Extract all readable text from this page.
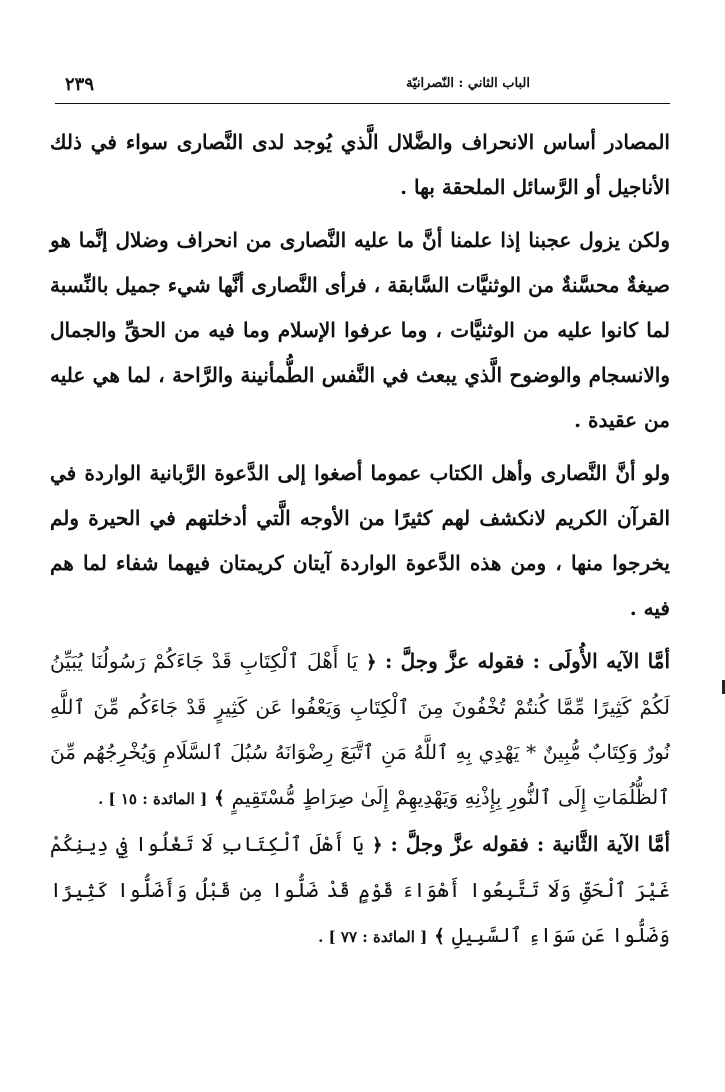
الباب الثاني : النّصرانيّة
٢٣٩

المصادر أساس الانحراف والضَّلال الَّذي يُوجد لدى النَّصارى سواء في ذلك الأناجيل أو الرَّسائل الملحقة بها .

ولكن يزول عجبنا إذا علمنا أنَّ ما عليه النَّصارى من انحراف وضلال إنَّما هو صيغةٌ محسَّنةٌ من الوثنيَّات السَّابقة ، فرأى النَّصارى أنَّها شيء جميل بالنِّسبة لما كانوا عليه من الوثنيَّات ، وما عرفوا الإسلام وما فيه من الحقِّ والجمال والانسجام والوضوح الَّذي يبعث في النَّفس الطُّمأنينة والرَّاحة ، لما هي عليه من عقيدة .

ولو أنَّ النَّصارى وأهل الكتاب عموما أصغوا إلى الدَّعوة الرَّبانية الواردة في القرآن الكريم لانكشف لهم كثيرًا من الأوجه الَّتي أدخلتهم في الحيرة ولم يخرجوا منها ، ومن هذه الدَّعوة الواردة آيتان كريمتان فيهما شفاء لما هم فيه .

أمَّا الآيه الأُولَى : فقوله عزَّ وجلَّ : ﴿ يَا أَهْلَ ٱلْكِتَابِ قَدْ جَاءَكُمْ رَسُولُنَا يُبَيِّنُ لَكُمْ كَثِيرًا مِّمَّا كُنتُمْ تُخْفُونَ مِنَ ٱلْكِتَابِ وَيَعْفُوا عَن كَثِيرٍ قَدْ جَاءَكُم مِّنَ ٱللَّهِ نُورٌ وَكِتَابٌ مُّبِينٌ * يَهْدِي بِهِ ٱللَّهُ مَنِ ٱتَّبَعَ رِضْوَانَهُ سُبُلَ ٱلسَّلَامِ وَيُخْرِجُهُم مِّنَ ٱلظُّلُمَاتِ إِلَى ٱلنُّورِ بِإِذْنِهِ وَيَهْدِيهِمْ إِلَىٰ صِرَاطٍ مُّسْتَقِيمٍ ﴾ [ المائدة : ١٥ ] .

أمَّا الآية الثَّانية : فقوله عزَّ وجلَّ : ﴿ يَا أَهْلَ ٱلْكِتَابِ لَا تَغْلُوا فِي دِينِكُمْ غَيْرَ ٱلْحَقِّ وَلَا تَتَّبِعُوا أَهْوَاءَ قَوْمٍ قَدْ ضَلُّوا مِن قَبْلُ وَأَضَلُّوا كَثِيرًا وَضَلُّوا عَن سَوَاءِ ٱلسَّبِيلِ ﴾ [ المائدة : ٧٧ ] .
